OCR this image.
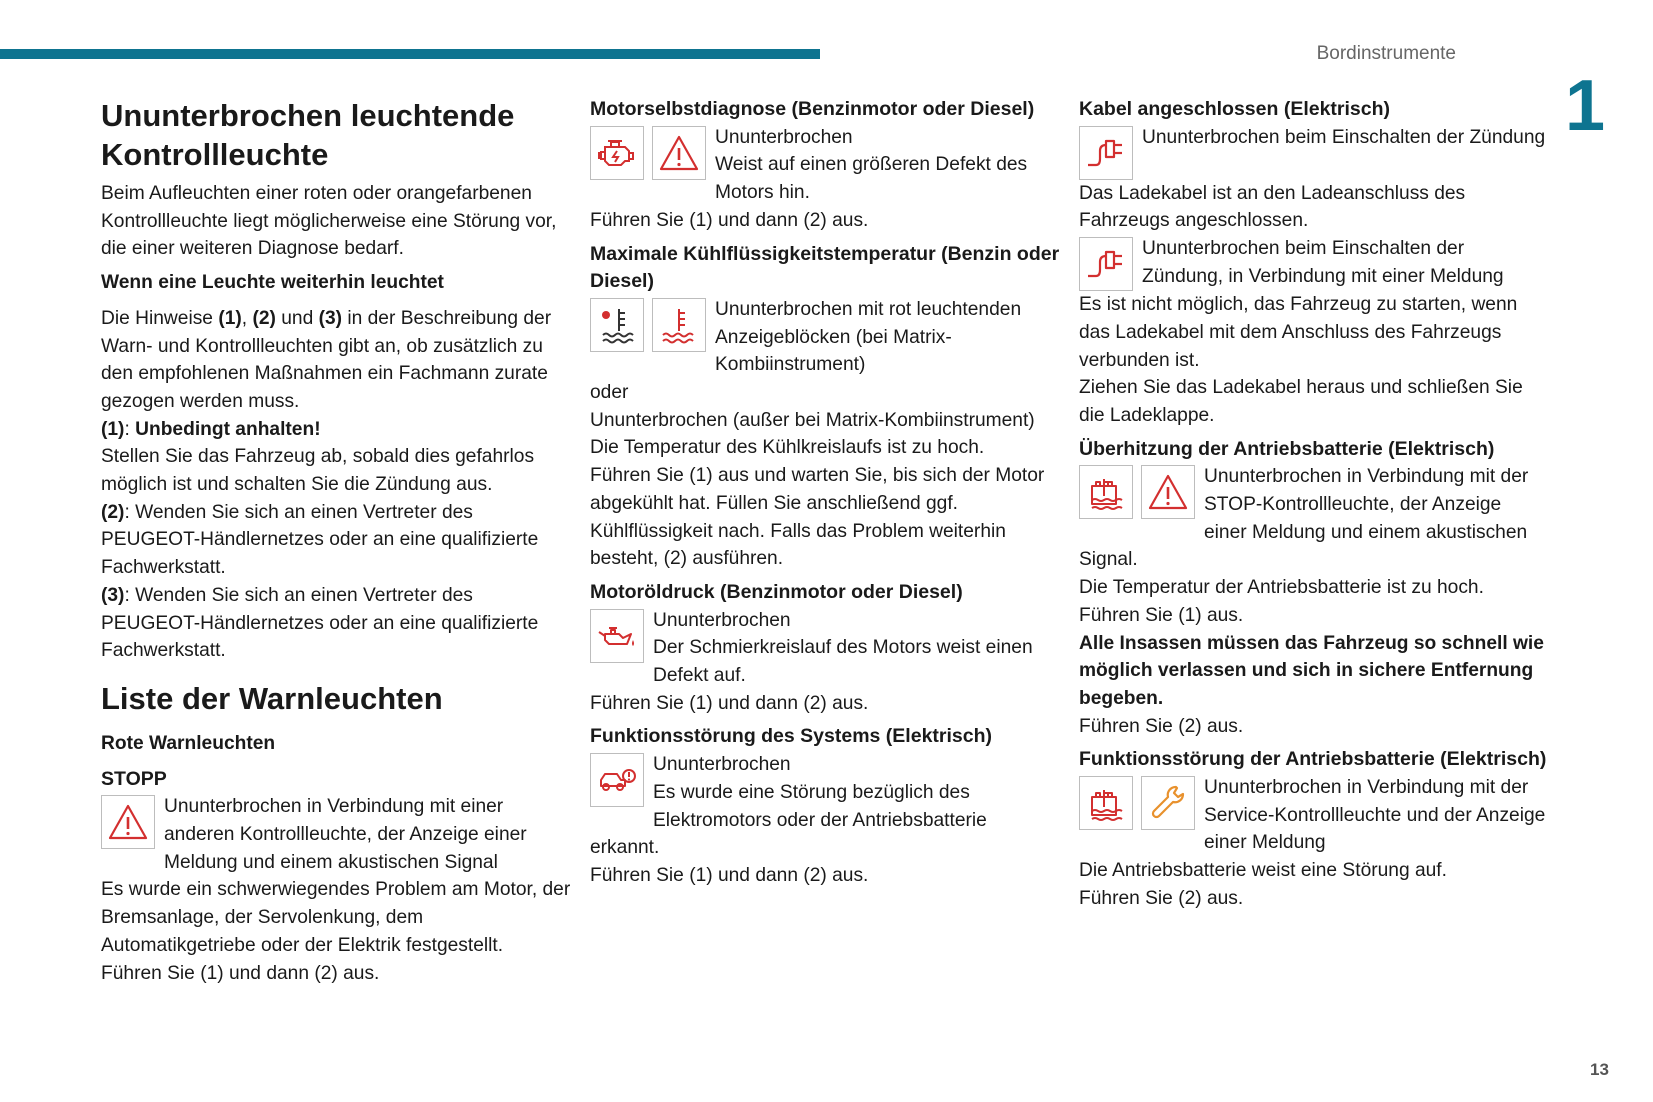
Bordinstrumente
1
13
Ununterbrochen leuchtende Kontrollleuchte

Beim Aufleuchten einer roten oder orangefarbenen Kontrollleuchte liegt möglicherweise eine Störung vor, die einer weiteren Diagnose bedarf.

Wenn eine Leuchte weiterhin leuchtet

Die Hinweise (1), (2) und (3) in der Beschreibung der Warn- und Kontrollleuchten gibt an, ob zusätzlich zu den empfohlenen Maßnahmen ein Fachmann zurate gezogen werden muss.

(1): Unbedingt anhalten!

Stellen Sie das Fahrzeug ab, sobald dies gefahrlos möglich ist und schalten Sie die Zündung aus.

(2): Wenden Sie sich an einen Vertreter des PEUGEOT-Händlernetzes oder an eine qualifizierte Fachwerkstatt.

(3): Wenden Sie sich an einen Vertreter des PEUGEOT-Händlernetzes oder an eine qualifizierte Fachwerkstatt.

Liste der Warnleuchten
Rote Warnleuchten
STOPP

Ununterbrochen in Verbindung mit einer anderen Kontrollleuchte, der Anzeige einer Meldung und einem akustischen Signal

Es wurde ein schwerwiegendes Problem am Motor, der Bremsanlage, der Servolenkung, dem Automatikgetriebe oder der Elektrik festgestellt.

Führen Sie (1) und dann (2) aus.

Motorselbstdiagnose (Benzinmotor oder Diesel)

Ununterbrochen

Weist auf einen größeren Defekt des Motors hin.

Führen Sie (1) und dann (2) aus.

Maximale Kühlflüssigkeitstemperatur (Benzin oder Diesel)

Ununterbrochen mit rot leuchtenden Anzeigeblöcken (bei Matrix-Kombiinstrument)

oder

Ununterbrochen (außer bei Matrix-Kombiinstrument)

Die Temperatur des Kühlkreislaufs ist zu hoch.

Führen Sie (1) aus und warten Sie, bis sich der Motor abgekühlt hat. Füllen Sie anschließend ggf. Kühlflüssigkeit nach. Falls das Problem weiterhin besteht, (2) ausführen.

Motoröldruck (Benzinmotor oder Diesel)

Ununterbrochen

Der Schmierkreislauf des Motors weist einen Defekt auf.

Führen Sie (1) und dann (2) aus.

Funktionsstörung des Systems (Elektrisch)

Ununterbrochen

Es wurde eine Störung bezüglich des Elektromotors oder der Antriebsbatterie erkannt.

Führen Sie (1) und dann (2) aus.

Kabel angeschlossen (Elektrisch)

Ununterbrochen beim Einschalten der Zündung

Das Ladekabel ist an den Ladeanschluss des Fahrzeugs angeschlossen.

Ununterbrochen beim Einschalten der Zündung, in Verbindung mit einer Meldung

Es ist nicht möglich, das Fahrzeug zu starten, wenn das Ladekabel mit dem Anschluss des Fahrzeugs verbunden ist.

Ziehen Sie das Ladekabel heraus und schließen Sie die Ladeklappe.

Überhitzung der Antriebsbatterie (Elektrisch)

Ununterbrochen in Verbindung mit der STOP-Kontrollleuchte, der Anzeige einer Meldung und einem akustischen Signal.

Die Temperatur der Antriebsbatterie ist zu hoch.

Führen Sie (1) aus.

Alle Insassen müssen das Fahrzeug so schnell wie möglich verlassen und sich in sichere Entfernung begeben.

Führen Sie (2) aus.

Funktionsstörung der Antriebsbatterie (Elektrisch)

Ununterbrochen in Verbindung mit der Service-Kontrollleuchte und der Anzeige einer Meldung

Die Antriebsbatterie weist eine Störung auf.

Führen Sie (2) aus.
